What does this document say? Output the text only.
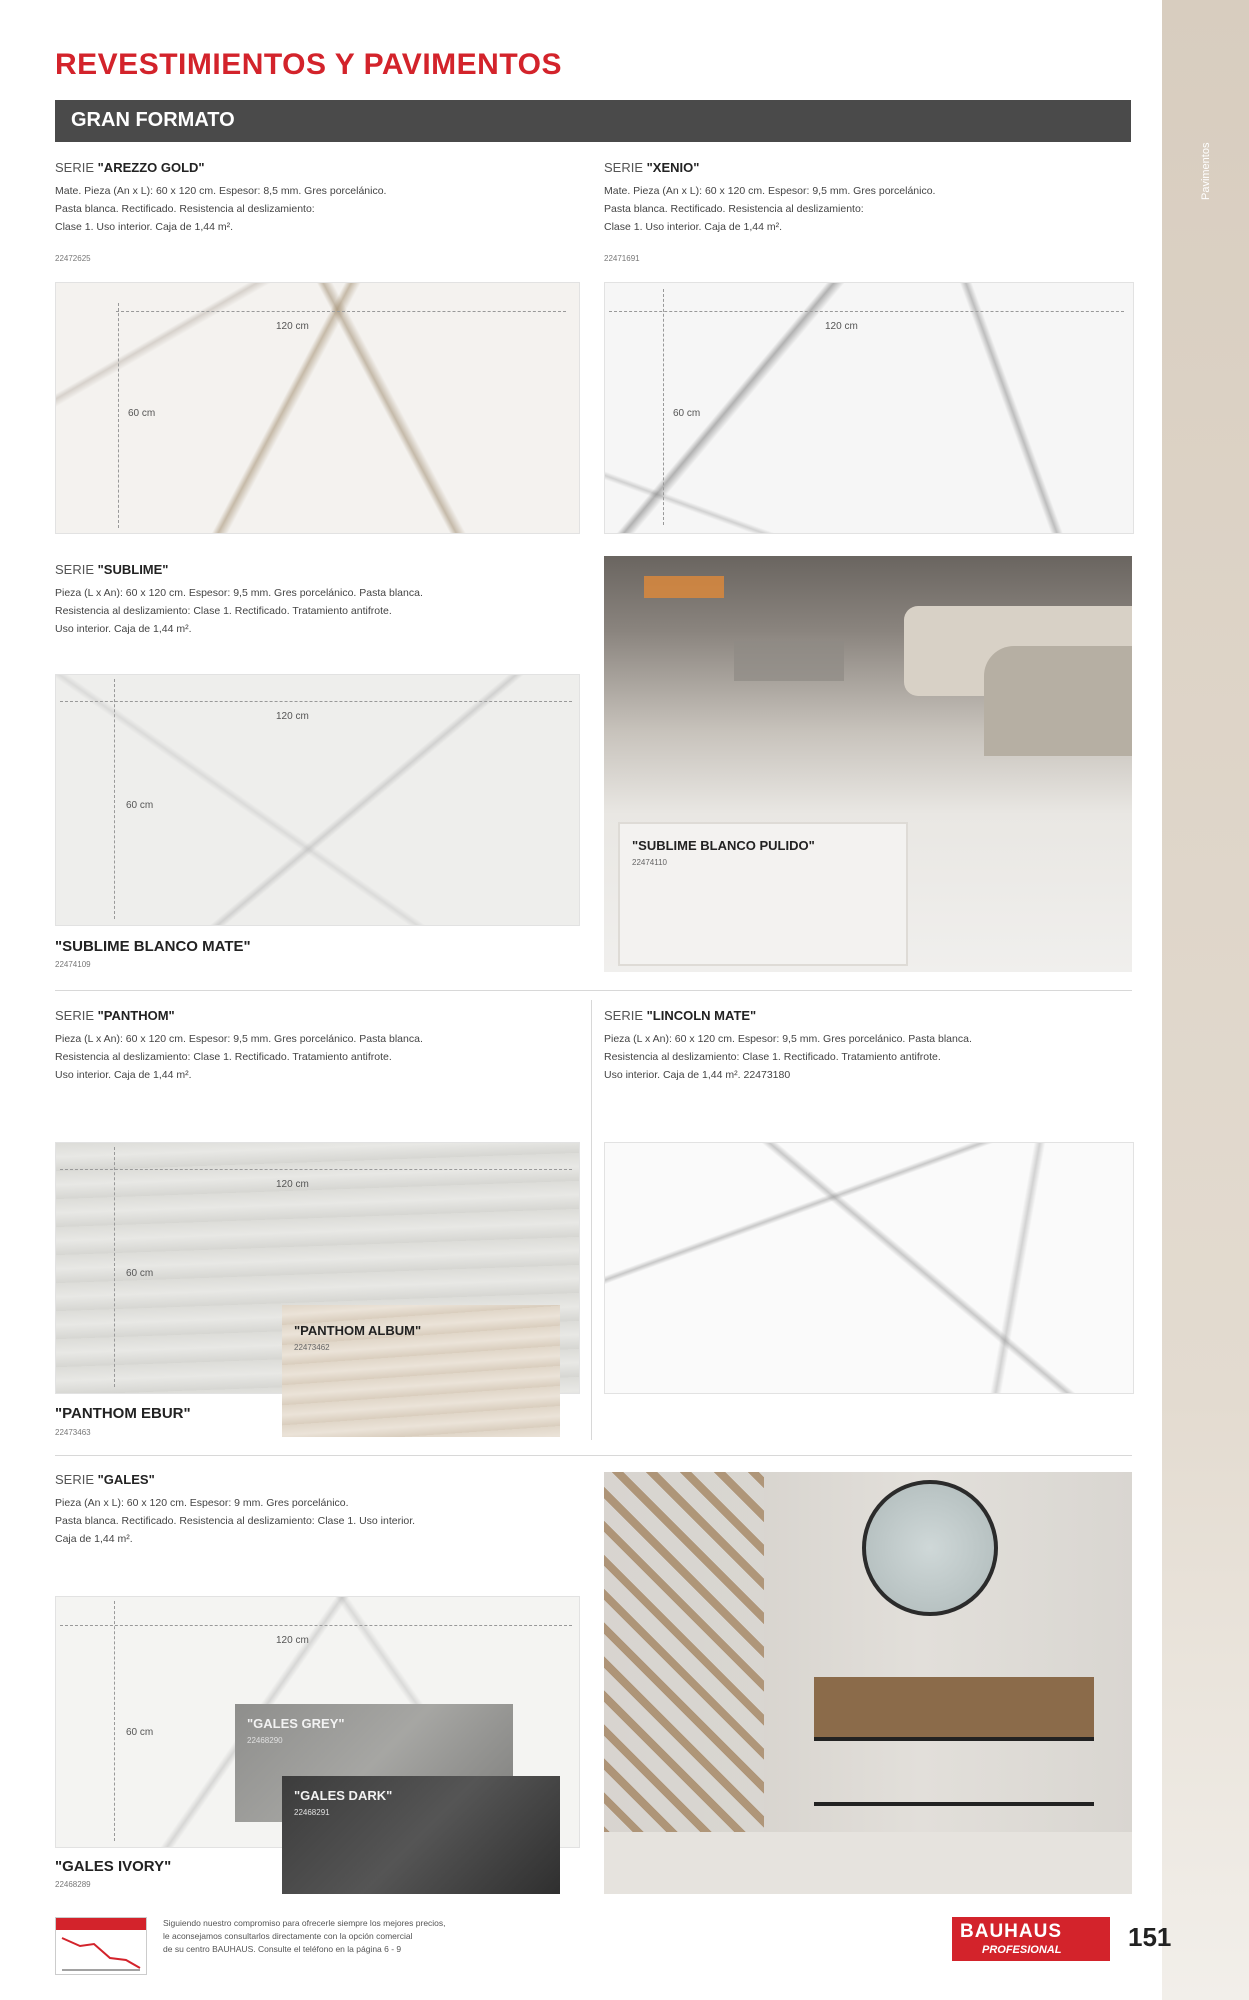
Pavimentos
REVESTIMIENTOS Y PAVIMENTOS
GRAN FORMATO
SERIE "AREZZO GOLD"
Mate. Pieza (An x L): 60 x 120 cm. Espesor: 8,5 mm. Gres porcelánico.
Pasta blanca. Rectificado. Resistencia al deslizamiento:
Clase 1. Uso interior. Caja de 1,44 m².
22472625
120 cm
60 cm
SERIE "XENIO"
Mate. Pieza (An x L): 60 x 120 cm. Espesor: 9,5 mm. Gres porcelánico.
Pasta blanca. Rectificado. Resistencia al deslizamiento:
Clase 1. Uso interior. Caja de 1,44 m².
22471691
120 cm
60 cm
SERIE "SUBLIME"
Pieza (L x An): 60 x 120 cm. Espesor: 9,5 mm. Gres porcelánico. Pasta blanca.
Resistencia al deslizamiento: Clase 1. Rectificado. Tratamiento antifrote.
Uso interior. Caja de 1,44 m².
120 cm
60 cm
"SUBLIME BLANCO MATE"
22474109
"SUBLIME BLANCO PULIDO"
22474110
SERIE "PANTHOM"
Pieza (L x An): 60 x 120 cm. Espesor: 9,5 mm. Gres porcelánico. Pasta blanca.
Resistencia al deslizamiento: Clase 1. Rectificado. Tratamiento antifrote.
Uso interior. Caja de 1,44 m².
120 cm
60 cm
"PANTHOM ALBUM"
22473462
"PANTHOM EBUR"
22473463
SERIE "LINCOLN MATE"
Pieza (L x An): 60 x 120 cm. Espesor: 9,5 mm. Gres porcelánico. Pasta blanca.
Resistencia al deslizamiento: Clase 1. Rectificado. Tratamiento antifrote.
Uso interior. Caja de 1,44 m². 22473180
SERIE "GALES"
Pieza (An x L): 60 x 120 cm. Espesor: 9 mm. Gres porcelánico.
Pasta blanca. Rectificado. Resistencia al deslizamiento: Clase 1. Uso interior.
Caja de 1,44 m².
120 cm
60 cm
"GALES GREY"
22468290
"GALES DARK"
22468291
"GALES IVORY"
22468289
Siguiendo nuestro compromiso para ofrecerle siempre los mejores precios,
le aconsejamos consultarlos directamente con la opción comercial
de su centro BAUHAUS. Consulte el teléfono en la página 6 - 9
BAUHAUS
PROFESIONAL	151
